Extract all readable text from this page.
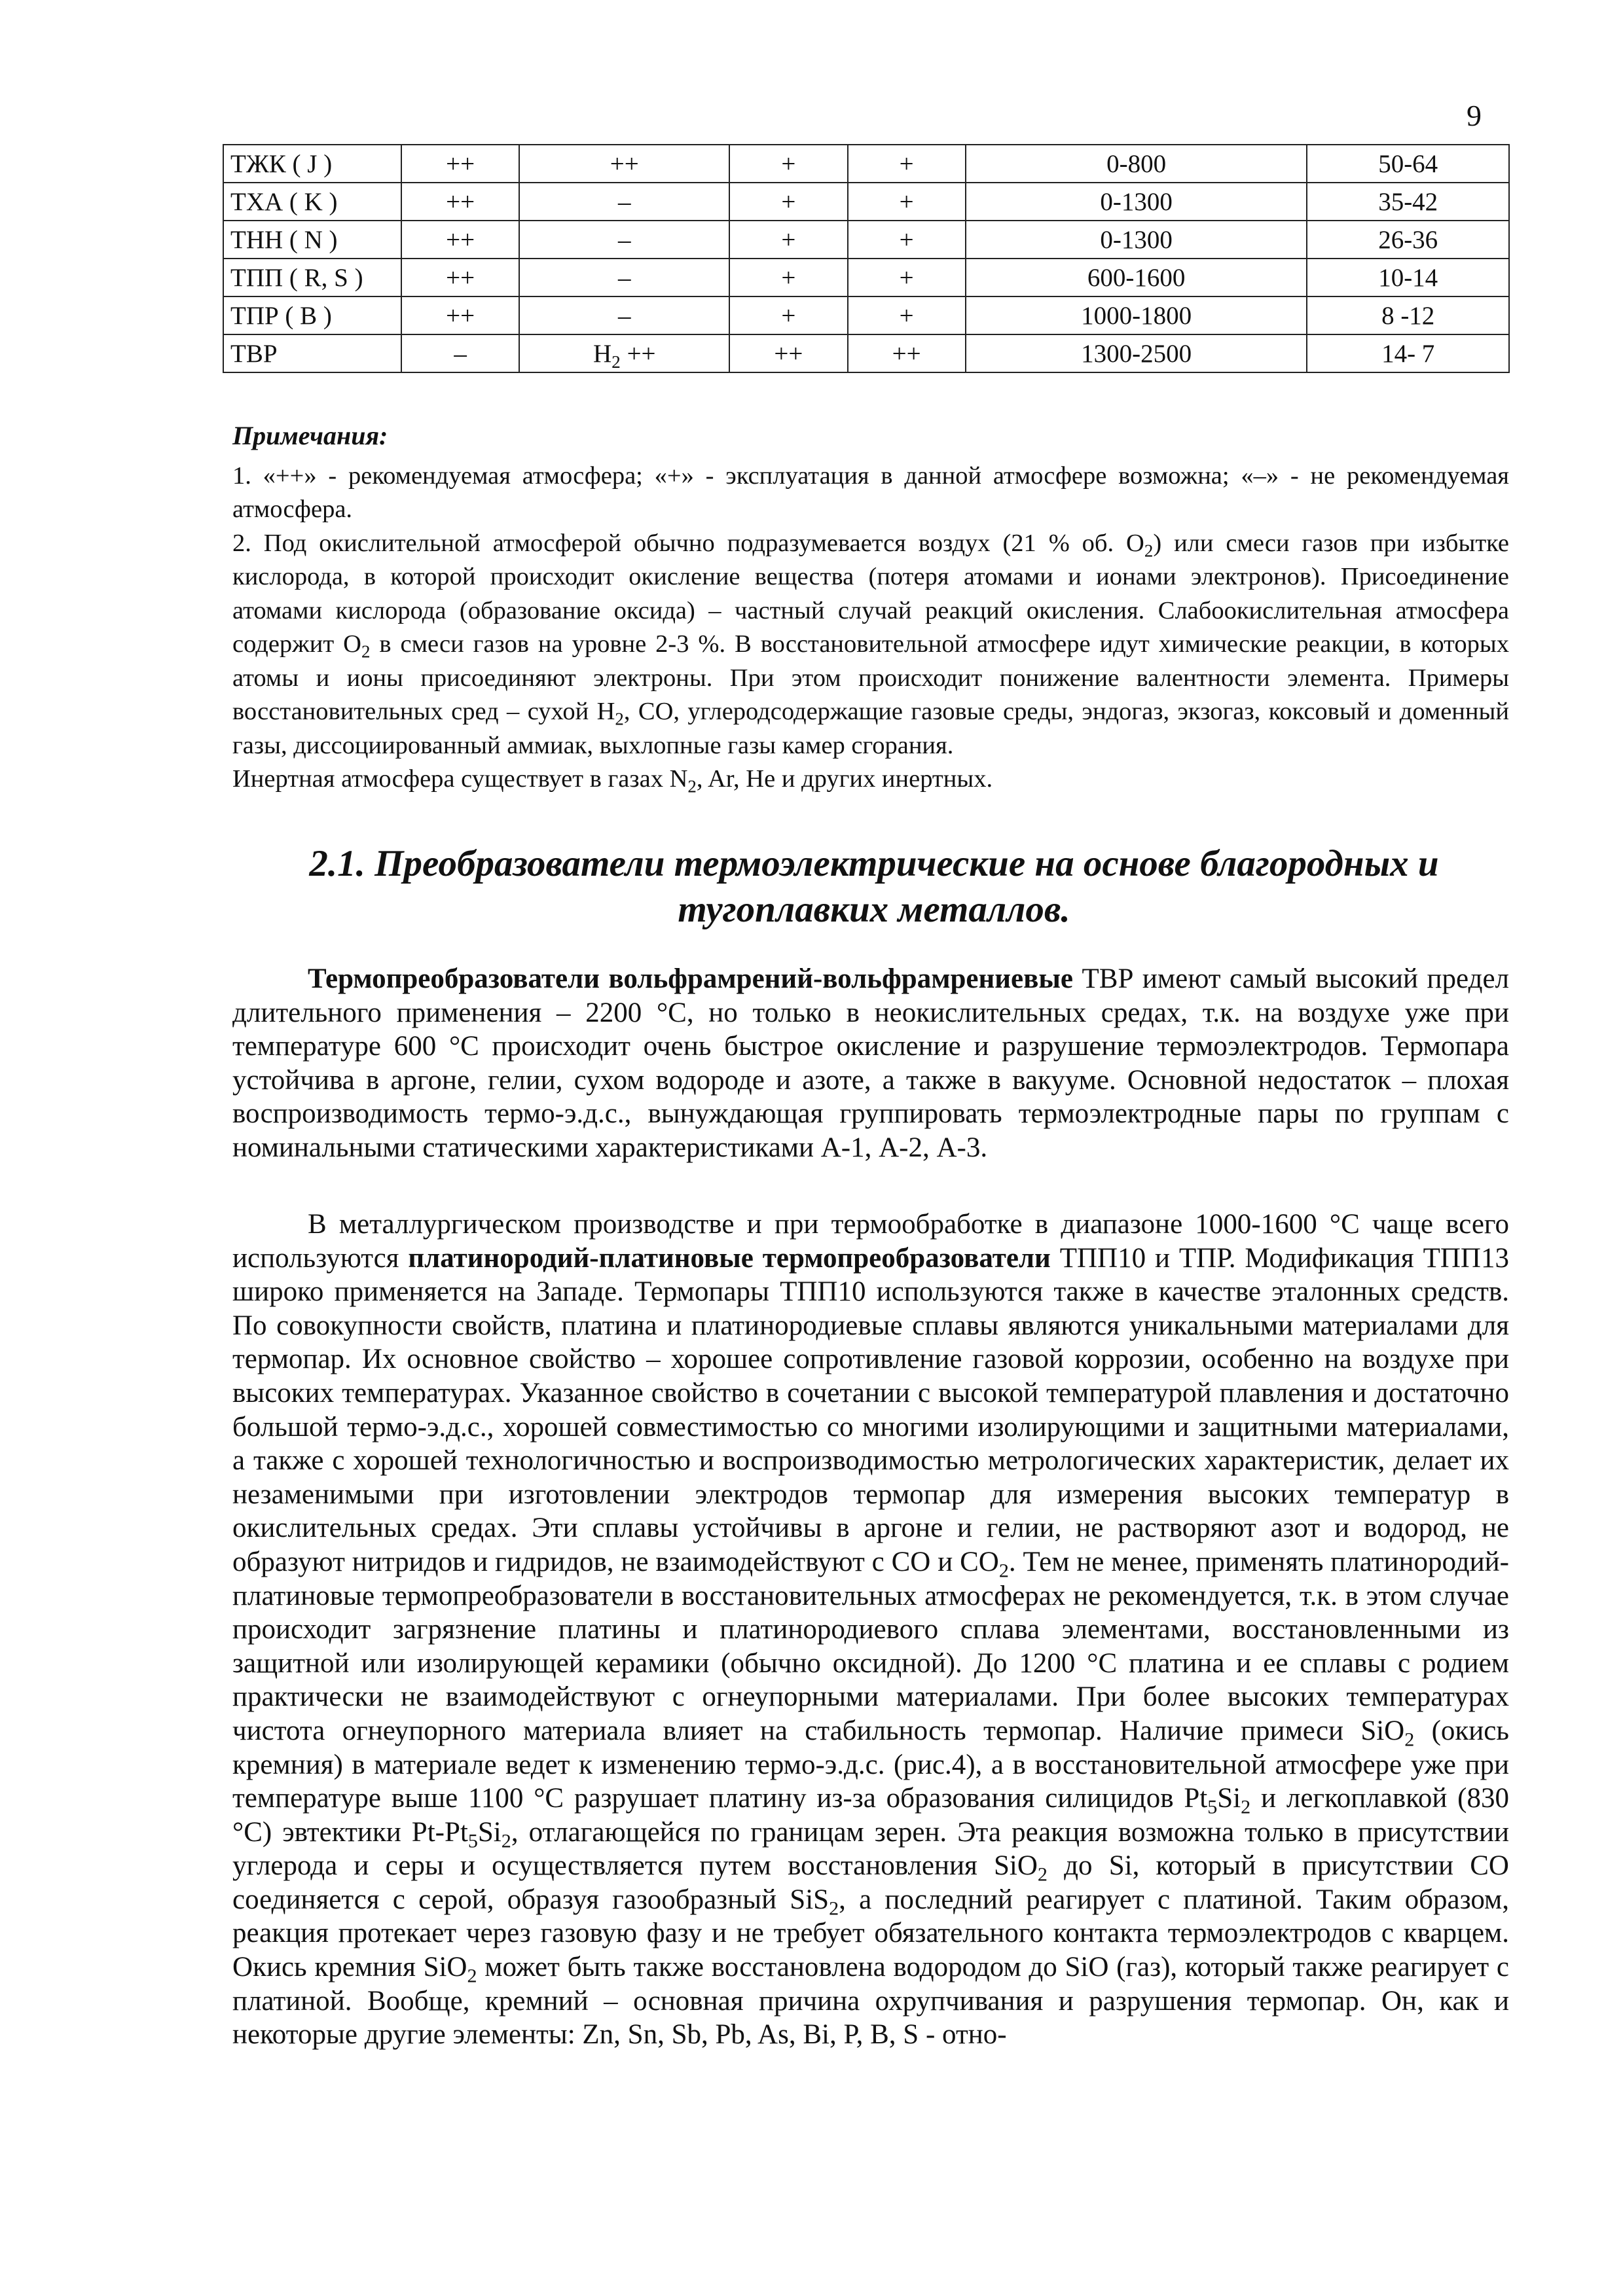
9
ТЖК ( J )	++	++	+	+	0-800	50-64
ТХА ( K )	++	–	+	+	0-1300	35-42
ТНН ( N )	++	–	+	+	0-1300	26-36
ТПП ( R, S )	++	–	+	+	600-1600	10-14
ТПР ( B )	++	–	+	+	1000-1800	8 -12
ТВР	–	$H_2$ ++	++	++	1300-2500	14- 7
Примечания:

1. «++» - рекомендуемая атмосфера; «+» - эксплуатация в данной атмосфере возможна; «–» - не рекомендуемая атмосфера.

2. Под окислительной атмосферой обычно подразумевается воздух (21 % об. $O_2$) или смеси газов при избытке кислорода, в которой происходит окисление вещества (потеря атомами и ионами электронов). Присоединение атомами кислорода (образование оксида) – частный случай реакций окисления. Слабоокислительная атмосфера содержит $O_2$ в смеси газов на уровне 2-3 %. В восстановительной атмосфере идут химические реакции, в которых атомы и ионы присоединяют электроны. При этом происходит понижение валентности элемента. Примеры восстановительных сред – сухой $H_2$, CO, углеродсодержащие газовые среды, эндогаз, экзогаз, коксовый и доменный газы, диссоциированный аммиак, выхлопные газы камер сгорания.

Инертная атмосфера существует в газах $N_2$, Ar, He и других инертных.

2.1. Преобразователи термоэлектрические на основе благородных и тугоплавких металлов.

Термопреобразователи вольфрамрений-вольфрамрениевые ТВР имеют самый высокий предел длительного применения – 2200 °C, но только в неокислительных средах, т.к. на воздухе уже при температуре 600 °C происходит очень быстрое окисление и разрушение термоэлектродов. Термопара устойчива в аргоне, гелии, сухом водороде и азоте, а также в вакууме. Основной недостаток – плохая воспроизводимость термо-э.д.с., вынуждающая группировать термоэлектродные пары по группам с номинальными статическими характеристиками А-1, А-2, А-3.

В металлургическом производстве и при термообработке в диапазоне 1000-1600 °C чаще всего используются платинородий-платиновые термопреобразователи ТПП10 и ТПР. Модификация ТПП13 широко применяется на Западе. Термопары ТПП10 используются также в качестве эталонных средств. По совокупности свойств, платина и платинородиевые сплавы являются уникальными материалами для термопар. Их основное свойство – хорошее сопротивление газовой коррозии, особенно на воздухе при высоких температурах. Указанное свойство в сочетании с высокой температурой плавления и достаточно большой термо-э.д.с., хорошей совместимостью со многими изолирующими и защитными материалами, а также с хорошей технологичностью и воспроизводимостью метрологических характеристик, делает их незаменимыми при изготовлении электродов термопар для измерения высоких температур в окислительных средах. Эти сплавы устойчивы в аргоне и гелии, не растворяют азот и водород, не образуют нитридов и гидридов, не взаимодействуют с CO и $CO_2$. Тем не менее, применять платинородий-платиновые термопреобразователи в восстановительных атмосферах не рекомендуется, т.к. в этом случае происходит загрязнение платины и платинородиевого сплава элементами, восстановленными из защитной или изолирующей керамики (обычно оксидной). До 1200 °C платина и ее сплавы с родием практически не взаимодействуют с огнеупорными материалами. При более высоких температурах чистота огнеупорного материала влияет на стабильность термопар. Наличие примеси SiO$_2$ (окись кремния) в материале ведет к изменению термо-э.д.с. (рис.4), а в восстановительной атмосфере уже при температуре выше 1100 °C разрушает платину из-за образования силицидов $Pt_5Si_2$ и легкоплавкой (830 °C) эвтектики $Pt-Pt_5Si_2$, отлагающейся по границам зерен. Эта реакция возможна только в присутствии углерода и серы и осуществляется путем восстановления SiO$_2$ до Si, который в присутствии CO соединяется с серой, образуя газообразный SiS$_2$, а последний реагирует с платиной. Таким образом, реакция протекает через газовую фазу и не требует обязательного контакта термоэлектродов с кварцем. Окись кремния SiO$_2$ может быть также восстановлена водородом до SiO (газ), который также реагирует с платиной. Вообще, кремний – основная причина охрупчивания и разрушения термопар. Он, как и некоторые другие элементы: Zn, Sn, Sb, Pb, As, Bi, P, B, S - отно-
